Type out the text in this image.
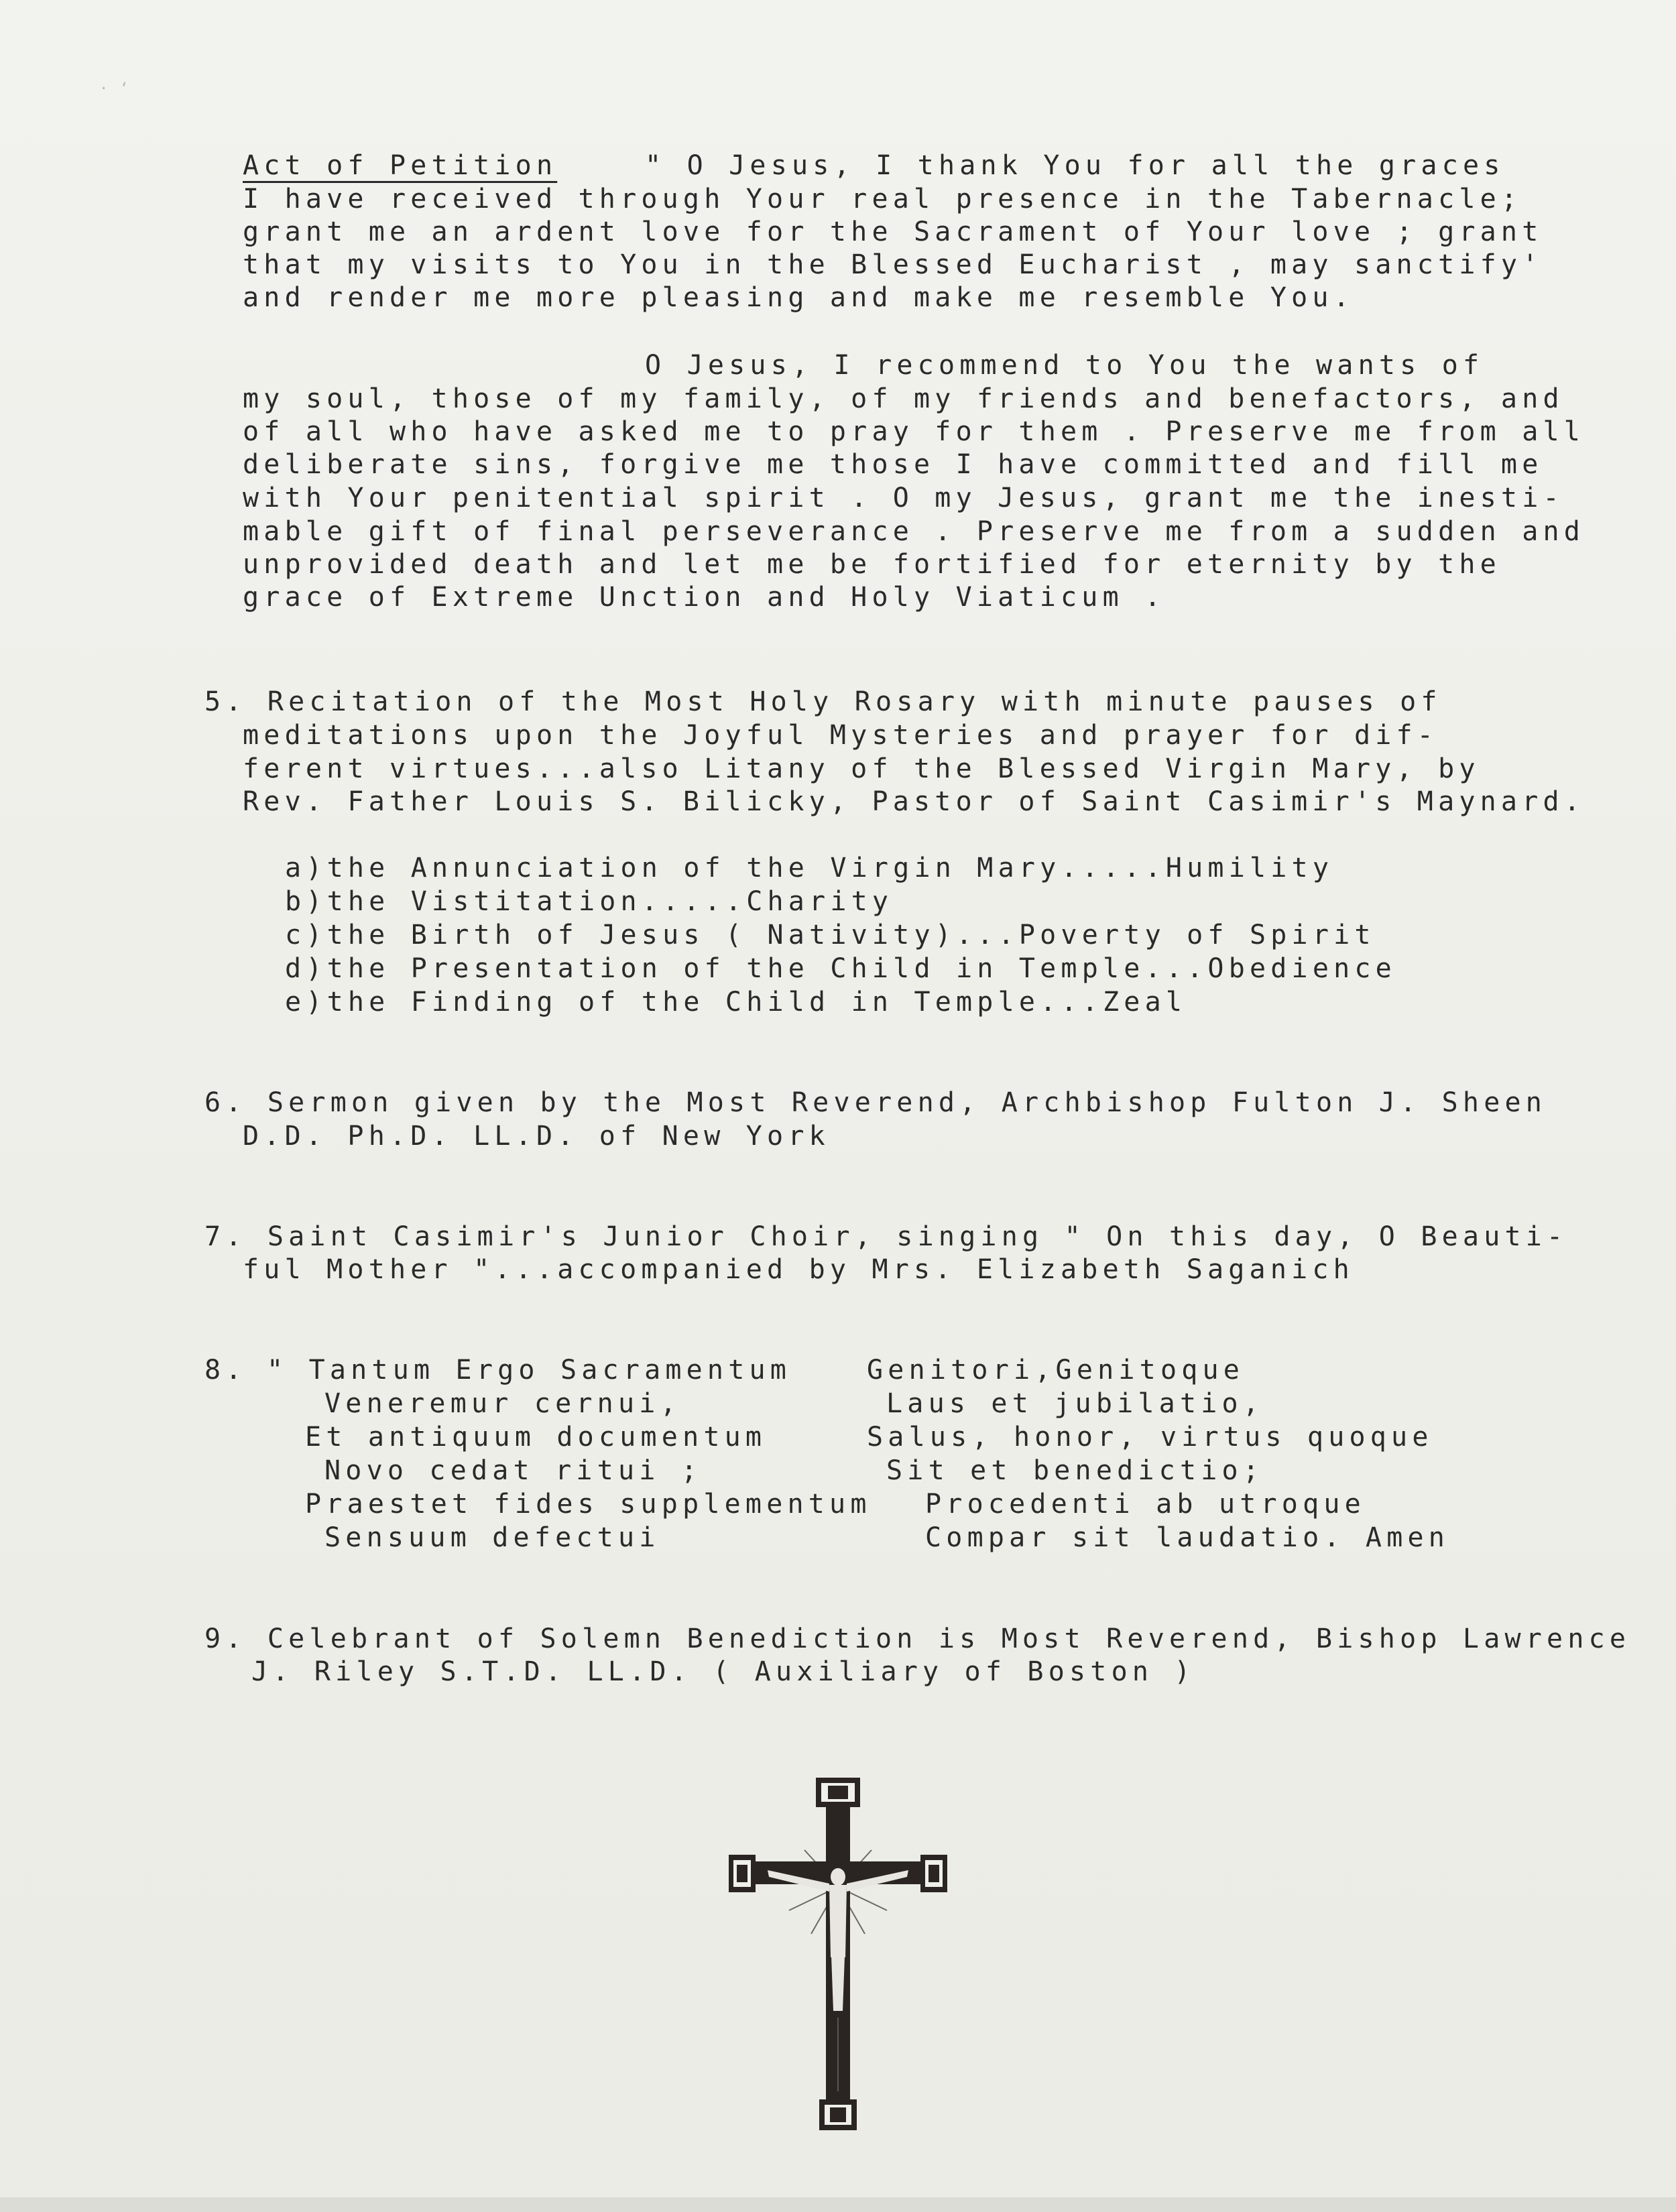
· ʻ
Act of Petition	" O Jesus, I thank You for all the graces
I have received through Your real presence in the Tabernacle;
grant me an ardent love for the Sacrament of Your love ; grant
that my visits to You in the Blessed Eucharist , may sanctify'
and render me more pleasing and make me resemble You.
O Jesus, I recommend to You the wants of
my soul, those of my family, of my friends and benefactors, and
of all who have asked me to pray for them . Preserve me from all
deliberate sins, forgive me those I have committed and fill me
with Your penitential spirit . O my Jesus, grant me the inesti-
mable gift of final perseverance . Preserve me from a sudden and
unprovided death and let me be fortified for eternity by the
grace of Extreme Unction and Holy Viaticum .
5. Recitation of the Most Holy Rosary with minute pauses of
meditations upon the Joyful Mysteries and prayer for dif-
ferent virtues...also Litany of the Blessed Virgin Mary, by
Rev. Father Louis S. Bilicky, Pastor of Saint Casimir's Maynard.
a)the Annunciation of the Virgin Mary.....Humility
b)the Vistitation.....Charity
c)the Birth of Jesus ( Nativity)...Poverty of Spirit
d)the Presentation of the Child in Temple...Obedience
e)the Finding of the Child in Temple...Zeal
6. Sermon given by the Most Reverend, Archbishop Fulton J. Sheen
D.D. Ph.D. LL.D. of New York
7. Saint Casimir's Junior Choir, singing " On this day, O Beauti-
ful Mother "...accompanied by Mrs. Elizabeth Saganich
8. " Tantum Ergo Sacramentum
Veneremur cernui,
Et antiquum documentum
Novo cedat ritui ;
Praestet fides supplementum
Sensuum defectui
Genitori,Genitoque
Laus et jubilatio,
Salus, honor, virtus quoque
Sit et benedictio;
Procedenti ab utroque
Compar sit laudatio. Amen
9. Celebrant of Solemn Benediction is Most Reverend, Bishop Lawrence
J. Riley S.T.D. LL.D. ( Auxiliary of Boston )
